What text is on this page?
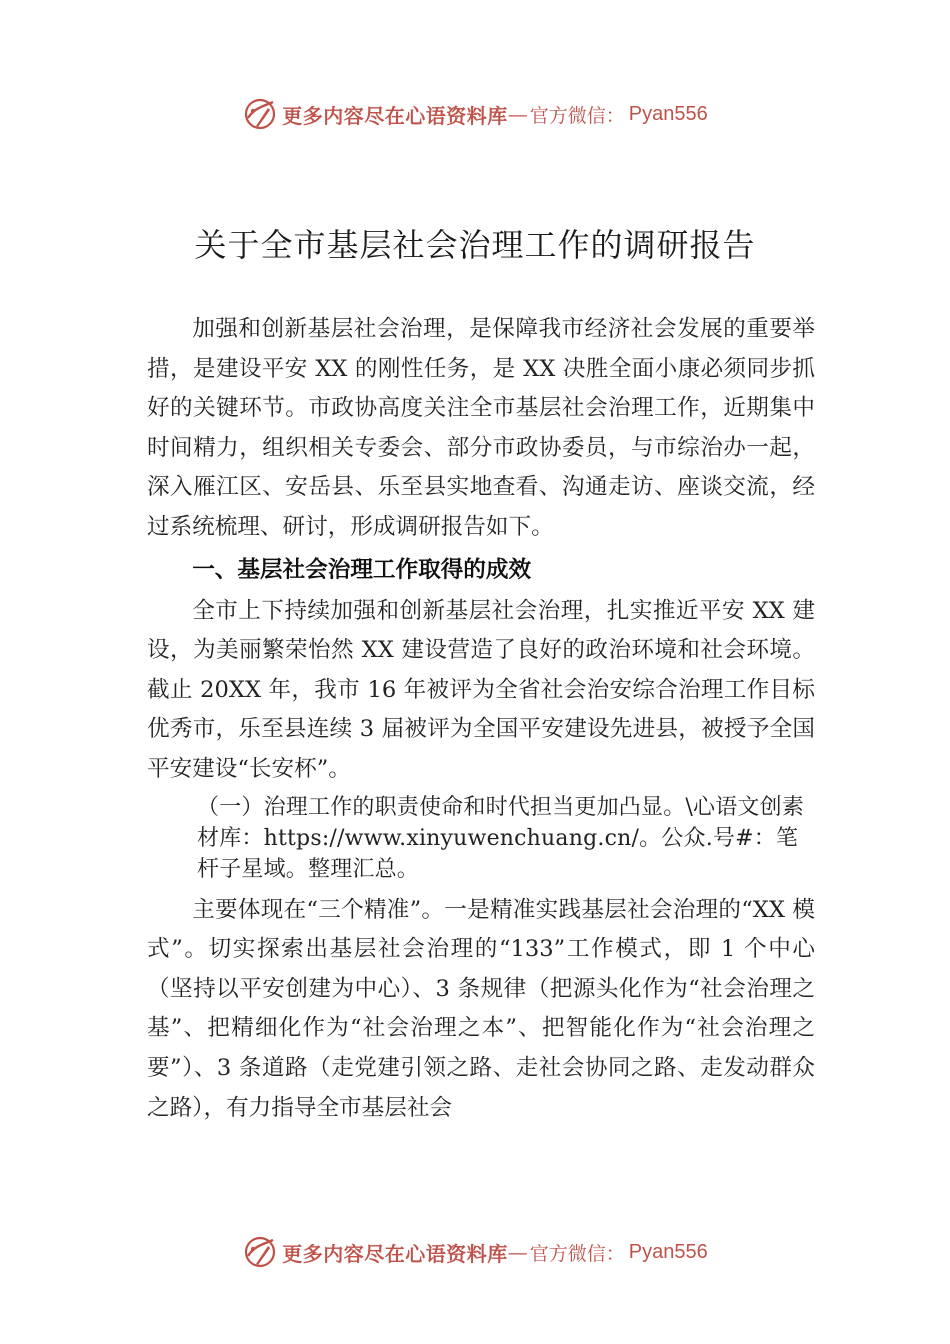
更多内容尽在心语资料库 — 官方微信： Pyan556
关于全市基层社会治理工作的调研报告

加强和创新基层社会治理，是保障我市经济社会发展的重要举措，是建设平安 XX 的刚性任务，是 XX 决胜全面小康必须同步抓好的关键环节。市政协高度关注全市基层社会治理工作，近期集中时间精力，组织相关专委会、部分市政协委员，与市综治办一起，深入雁江区、安岳县、乐至县实地查看、沟通走访、座谈交流，经过系统梳理、研讨，形成调研报告如下。

一、基层社会治理工作取得的成效

全市上下持续加强和创新基层社会治理，扎实推近平安 XX 建设，为美丽繁荣怡然 XX 建设营造了良好的政治环境和社会环境。截止 20XX 年，我市 16 年被评为全省社会治安综合治理工作目标优秀市，乐至县连续 3 届被评为全国平安建设先进县，被授予全国平安建设“长安杯”。

（一）治理工作的职责使命和时代担当更加凸显。\心语文创素材库：https://www.xinyuwenchuang.cn/。公众.号#：笔杆子星域。整理汇总。

主要体现在“三个精准”。一是精准实践基层社会治理的“XX 模式”。切实探索出基层社会治理的“133”工作模式，即 1 个中心（坚持以平安创建为中心）、3 条规律（把源头化作为“社会治理之基”、把精细化作为“社会治理之本”、把智能化作为“社会治理之要”）、3 条道路（走党建引领之路、走社会协同之路、走发动群众之路），有力指导全市基层社会

更多内容尽在心语资料库 — 官方微信： Pyan556
